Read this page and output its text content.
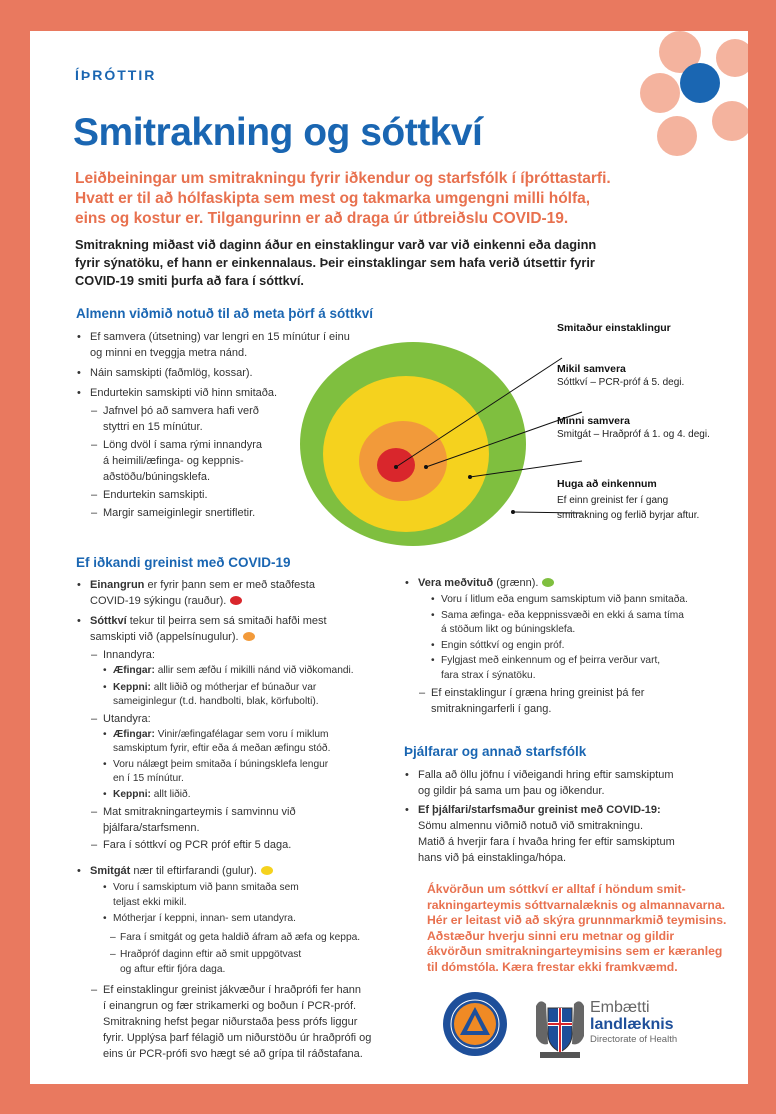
ÍÞRÓTTIR
Smitrakning og sóttkví
Leiðbeiningar um smitrakningu fyrir iðkendur og starfsfólk í íþróttastarfi.
Hvatt er til að hólfaskipta sem mest og takmarka umgengni milli hólfa,
eins og kostur er. Tilgangurinn er að draga úr útbreiðslu COVID-19.
Smitrakning miðast við daginn áður en einstaklingur varð var við einkenni eða daginn
fyrir sýnatöku, ef hann er einkennalaus. Þeir einstaklingar sem hafa verið útsettir fyrir
COVID-19 smiti þurfa að fara í sóttkví.
Almenn viðmið notuð til að meta þörf á sóttkví
• Ef samvera (útsetning) var lengri en 15 mínútur í einu
og minni en tveggja metra nánd.
• Náin samskipti (faðmlög, kossar).
• Endurtekin samskipti við hinn smitaða.
– Jafnvel þó að samvera hafi verð
styttri en 15 mínútur.
– Löng dvöl í sama rými innandyra
á heimili/æfinga- og keppnis-
aðstöðu/búningsklefa.
– Endurtekin samskipti.
– Margir sameiginlegir snertifletir.
Smitaður einstaklingur
Mikil samvera
Sóttkví – PCR-próf á 5. degi.
Minni samvera
Smitgát – Hraðpróf á 1. og 4. degi.
Huga að einkennum
Ef einn greinist fer í gang
smitrakning og ferlið byrjar aftur.
Ef iðkandi greinist með COVID-19
• Einangrun er fyrir þann sem er með staðfesta
COVID-19 sýkingu (rauður).
• Sóttkví tekur til þeirra sem sá smitaði hafði mest
samskipti við (appelsínugulur).
– Innandyra:
• Æfingar: allir sem æfðu í mikilli nánd við viðkomandi.
• Keppni: allt liðið og mótherjar ef búnaður var
sameiginlegur (t.d. handbolti, blak, körfubolti).
– Utandyra:
• Æfingar: Vinir/æfingafélagar sem voru í miklum
samskiptum fyrir, eftir eða á meðan æfingu stóð.
• Voru nálægt þeim smitaða í búningsklefa lengur
en í 15 mínútur.
• Keppni: allt liðið.
– Mat smitrakningarteymis í samvinnu við
þjálfara/starfsmenn.
– Fara í sóttkví og PCR próf eftir 5 daga.
• Smitgát nær til eftirfarandi (gulur).
• Voru í samskiptum við þann smitaða sem
teljast ekki mikil.
• Mótherjar í keppni, innan- sem utandyra.
– Fara í smitgát og geta haldið áfram að æfa og keppa.
– Hraðpróf daginn eftir að smit uppgötvast
og aftur eftir fjóra daga.
– Ef einstaklingur greinist jákvæður í hraðprófi fer hann
í einangrun og fær strikamerki og boðun í PCR-próf.
Smitrakning hefst þegar niðurstaða þess prófs liggur
fyrir. Upplýsa þarf félagið um niðurstöðu úr hraðprófi og
eins úr PCR-prófi svo hægt sé að grípa til ráðstafana.
• Vera meðvituð (grænn).
• Voru í litlum eða engum samskiptum við þann smitaða.
• Sama æfinga- eða keppnissvæði en ekki á sama tíma
á stöðum likt og búningsklefa.
• Engin sóttkví og engin próf.
• Fylgjast með einkennum og ef þeirra verður vart,
fara strax í sýnatöku.
– Ef einstaklingur í græna hring greinist þá fer
smitrakningarferli í gang.
Þjálfarar og annað starfsfólk
• Falla að öllu jöfnu í viðeigandi hring eftir samskiptum
og gildir þá sama um þau og iðkendur.
• Ef þjálfari/starfsmaður greinist með COVID-19:
Sömu almennu viðmið notuð við smitrakningu.
Matið á hverjir fara í hvaða hring fer eftir samskiptum
hans við þá einstaklinga/hópa.
Ákvörðun um sóttkví er alltaf í höndum smit-
rakningarteymis sóttvarnalæknis og almannavarna.
Hér er leitast við að skýra grunnmarkmið teymisins.
Aðstæður hverju sinni eru metnar og gildir
ákvörðun smitrakningarteymisins sem er kæranleg
til dómstóla. Kæra frestar ekki framkvæmd.
Embætti
landlæknis
Directorate of Health
